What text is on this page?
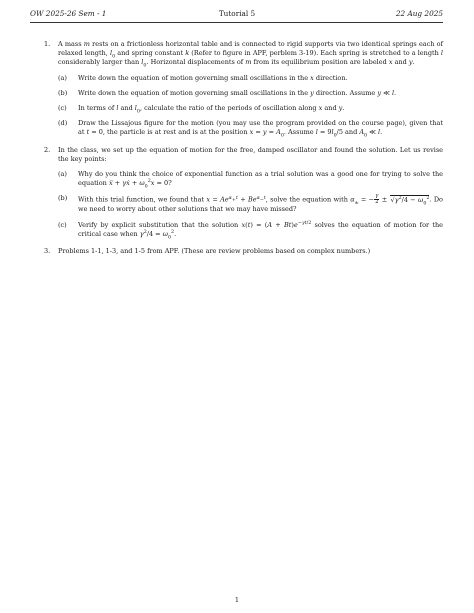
OW 2025-26 Sem - 1	Tutorial 5	22 Aug 2025
1. A mass m rests on a frictionless horizontal table and is connected to rigid supports via two identical springs each of relaxed length, $l_0$ and spring constant k (Refer to figure in APF, perblem 3-19). Each spring is stretched to a length l considerably larger than $l_0$. Horizontal displacements of m from its equilibrium position are labeled x and y.
(a) Write down the equation of motion governing small oscillations in the x direction.
(b) Write down the equation of motion governing small oscillations in the y direction. Assume y ≪ l.
(c) In terms of l and $l_0$, calculate the ratio of the periods of oscillation along x and y.
(d) Draw the Lissajous figure for the motion (you may use the program provided on the course page), given that at t = 0, the particle is at rest and is at the position $x = y = A_0$. Assume $l = 9l_0/5$ and $A_0$ ≪ l.
2. In the class, we set up the equation of motion for the free, damped oscillator and found the solution. Let us revise the key points:
(a) Why do you think the choice of exponential function as a trial solution was a good one for trying to solve the equation ẍ + γẋ + $\omega_0^2x = 0$?
(b) With this trial function, we found that $x = Ae^{\alpha_+t} + Be^{\alpha_-t}$, solve the equation with $\alpha_\pm$ = − $\frac{\gamma}{2} \pm √\gamma^2/4 - \omega_0^2$. Do we need to worry about other solutions that we may have missed?
(c) Verify by explicit substitution that the solution $x(t) = (A + Bt)e^{-\gamma t/2}$ solves the equation of motion for the critical case when $\gamma^2/4 = \omega_0^2$.
3. Problems 1-1, 1-3, and 1-5 from APF. (These are review problems based on complex numbers.)
1
